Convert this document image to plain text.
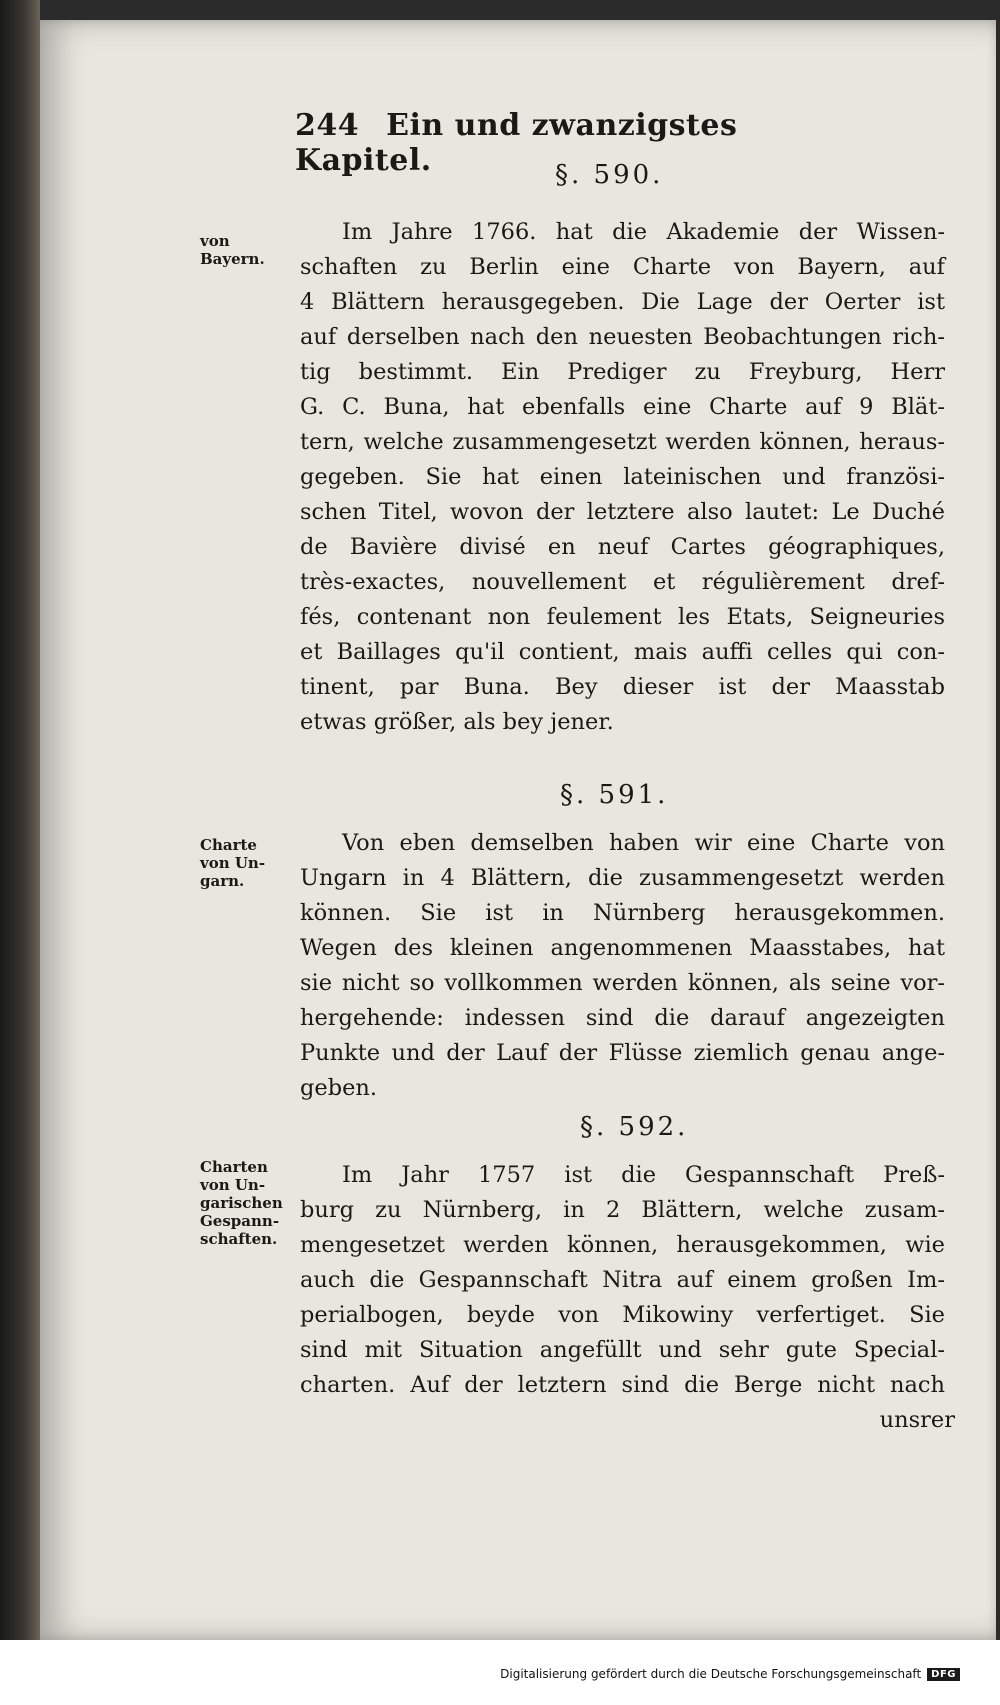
244 Ein und zwanzigstes Kapitel.	§. 590.
von
Bayern.
Im Jahre 1766. hat die Akademie der Wissen-
schaften zu Berlin eine Charte von Bayern, auf
4 Blättern herausgegeben. Die Lage der Oerter ist
auf derselben nach den neuesten Beobachtungen rich-
tig bestimmt. Ein Prediger zu Freyburg, Herr
G. C. Buna, hat ebenfalls eine Charte auf 9 Blät-
tern, welche zusammengesetzt werden können, heraus-
gegeben. Sie hat einen lateinischen und französi-
schen Titel, wovon der letztere also lautet: Le Duché
de Bavière divisé en neuf Cartes géographiques,
très-exactes, nouvellement et régulièrement dref-
fés, contenant non feulement les Etats, Seigneuries
et Baillages qu'il contient, mais auffi celles qui con-
tinent, par Buna. Bey dieser ist der Maasstab
etwas größer, als bey jener.
§. 591.
Charte
von Un-
garn.
Von eben demselben haben wir eine Charte von
Ungarn in 4 Blättern, die zusammengesetzt werden
können. Sie ist in Nürnberg herausgekommen.
Wegen des kleinen angenommenen Maasstabes, hat
sie nicht so vollkommen werden können, als seine vor-
hergehende: indessen sind die darauf angezeigten
Punkte und der Lauf der Flüsse ziemlich genau ange-
geben.
§. 592.
Charten
von Un-
garischen
Gespann-
schaften.
Im Jahr 1757 ist die Gespannschaft Preß-
burg zu Nürnberg, in 2 Blättern, welche zusam-
mengesetzet werden können, herausgekommen, wie
auch die Gespannschaft Nitra auf einem großen Im-
perialbogen, beyde von Mikowiny verfertiget. Sie
sind mit Situation angefüllt und sehr gute Special-
charten. Auf der letztern sind die Berge nicht nach
unsrer
Digitalisierung gefördert durch die Deutsche Forschungsgemeinschaft	DFG
